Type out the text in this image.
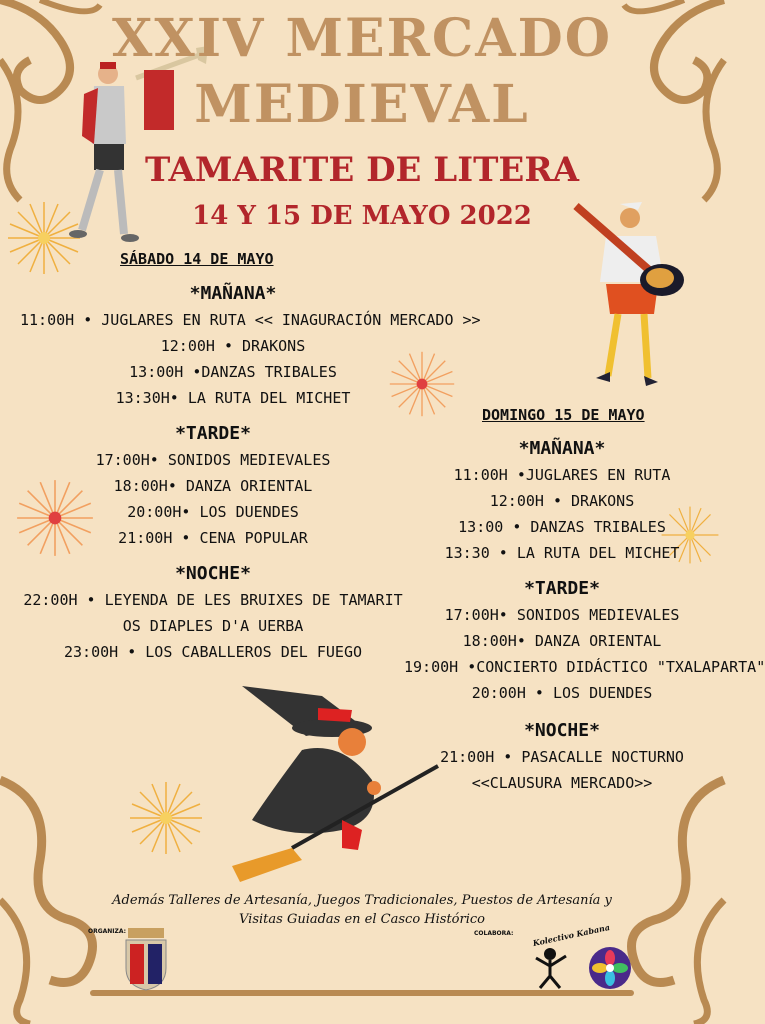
XXIV MERCADO
MEDIEVAL
TAMARITE DE LITERA
14 Y 15 DE MAYO 2022
SÁBADO 14 DE MAYO

*MAÑANA*

11:00H • JUGLARES EN RUTA << INAGURACIÓN MERCADO >>

12:00H • DRAKONS

13:00H •DANZAS TRIBALES

13:30H• LA RUTA DEL MICHET

*TARDE*

17:00H• SONIDOS MEDIEVALES

18:00H• DANZA ORIENTAL

20:00H• LOS DUENDES

21:00H • CENA POPULAR

*NOCHE*

22:00H • LEYENDA DE LES BRUIXES DE TAMARIT

OS DIAPLES D'A UERBA

23:00H • LOS CABALLEROS DEL FUEGO

DOMINGO 15 DE MAYO

*MAÑANA*

11:00H •JUGLARES EN RUTA

12:00H • DRAKONS

13:00 • DANZAS TRIBALES

13:30 • LA RUTA DEL MICHET

*TARDE*

17:00H• SONIDOS MEDIEVALES

18:00H• DANZA ORIENTAL

19:00H •CONCIERTO DIDÁCTICO "TXALAPARTA"

20:00H • LOS DUENDES

*NOCHE*

21:00H • PASACALLE NOCTURNO

<<CLAUSURA MERCADO>>

Además Talleres de Artesanía, Juegos Tradicionales, Puestos de Artesanía y
Visitas Guiadas en el Casco Histórico
ORGANIZA:	COLABORA: Kolectivo Kabana
